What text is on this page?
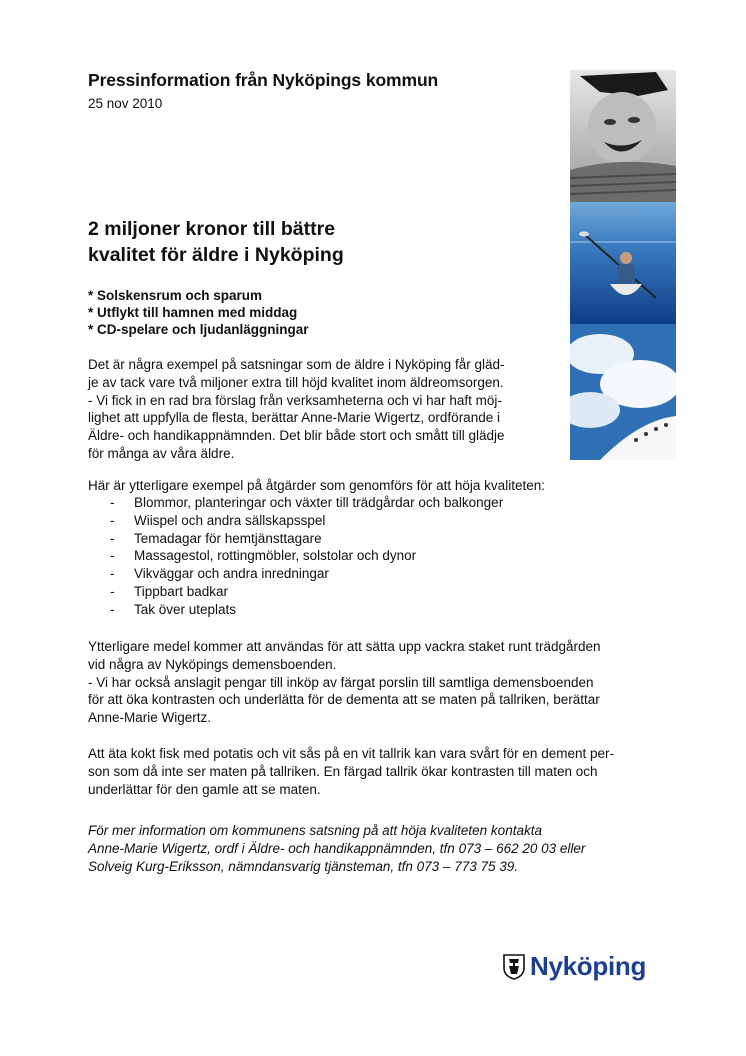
Pressinformation från Nyköpings kommun
25 nov 2010
2 miljoner kronor till bättre
kvalitet för äldre i Nyköping
* Solskensrum och sparum
* Utflykt till hamnen med middag
* CD-spelare och ljudanläggningar
Det är några exempel på satsningar som de äldre i Nyköping får gläd-
je av tack vare två miljoner extra till höjd kvalitet inom äldreomsorgen.
- Vi fick in en rad bra förslag från verksamheterna och vi har haft möj-
lighet att uppfylla de flesta, berättar Anne-Marie Wigertz, ordförande i
Äldre- och handikappnämnden. Det blir både stort och smått till glädje
för många av våra äldre.
Här är ytterligare exempel på åtgärder som genomförs för att höja kvaliteten:
-	Blommor, planteringar och växter till trädgårdar och balkonger
-	Wiispel och andra sällskapsspel
-	Temadagar för hemtjänsttagare
-	Massagestol, rottingmöbler, solstolar och dynor
-	Vikväggar och andra inredningar
-	Tippbart badkar
-	Tak över uteplats
Ytterligare medel kommer att användas för att sätta upp vackra staket runt trädgården
vid några av Nyköpings demensboenden.
- Vi har också anslagit pengar till inköp av färgat porslin till samtliga demensboenden
för att öka kontrasten och underlätta för de dementa att se maten på tallriken, berättar
Anne-Marie Wigertz.
Att äta kokt fisk med potatis och vit sås på en vit tallrik kan vara svårt för en dement per-
son som då inte ser maten på tallriken. En färgad tallrik ökar kontrasten till maten och
underlättar för den gamle att se maten.
För mer information om kommunens satsning på att höja kvaliteten kontakta
Anne-Marie Wigertz, ordf i Äldre- och handikappnämnden, tfn 073 – 662 20 03 eller
Solveig Kurg-Eriksson, nämndansvarig tjänsteman, tfn 073 – 773 75 39.
Nyköping
